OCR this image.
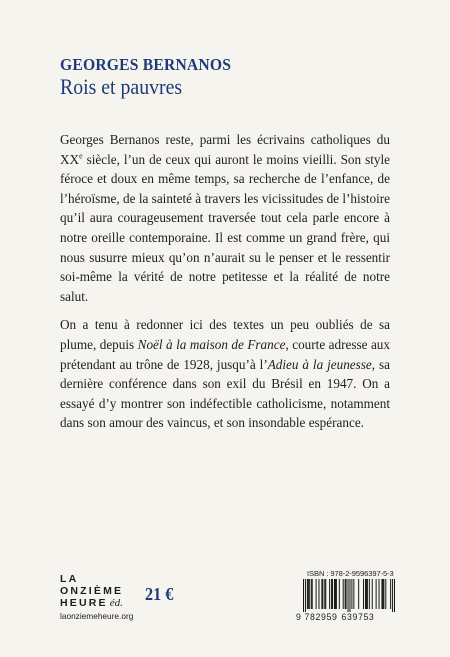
GEORGES BERNANOS
Rois et pauvres

Georges Bernanos reste, parmi les écrivains catholiques du XXe siècle, l’un de ceux qui auront le moins vieilli. Son style féroce et doux en même temps, sa recherche de l’enfance, de l’héroïsme, de la sainteté à travers les vicissitudes de l’histoire qu’il aura courageusement traversée tout cela parle encore à notre oreille contemporaine. Il est comme un grand frère, qui nous susurre mieux qu’on n’aurait su le penser et le ressentir soi-même la vérité de notre petitesse et la réalité de notre salut.

On a tenu à redonner ici des textes un peu oubliés de sa plume, depuis Noël à la maison de France, courte adresse aux prétendant au trône de 1928, jusqu’à l’Adieu à la jeunesse, sa dernière conférence dans son exil du Brésil en 1947. On a essayé d’y montrer son indéfectible catholicisme, notamment dans son amour des vaincus, et son insondable espérance.

LA
ONZIÈME
HEURE éd.
laonziemeheure.org
21 €
ISBN : 978-2-9596397-5-3
9 782959 639753
